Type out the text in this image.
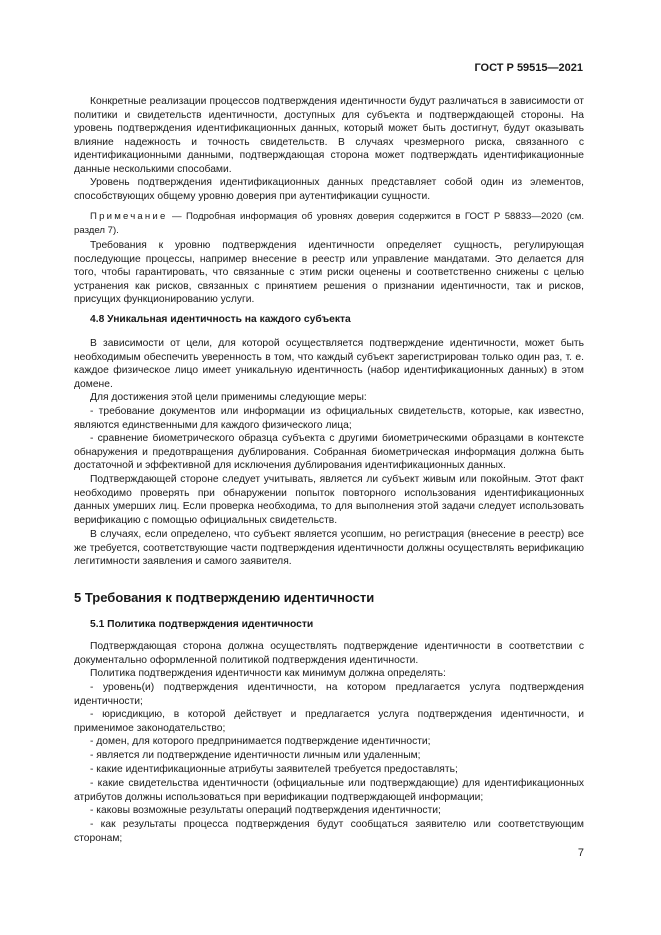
ГОСТ Р 59515—2021

Конкретные реализации процессов подтверждения идентичности будут различаться в зависимости от политики и свидетельств идентичности, доступных для субъекта и подтверждающей стороны. На уровень подтверждения идентификационных данных, который может быть достигнут, будут оказывать влияние надежность и точность свидетельств. В случаях чрезмерного риска, связанного с идентификационными данными, подтверждающая сторона может подтверждать идентификационные данные несколькими способами.

Уровень подтверждения идентификационных данных представляет собой один из элементов, способствующих общему уровню доверия при аутентификации сущности.

Примечание — Подробная информация об уровнях доверия содержится в ГОСТ Р 58833—2020 (см. раздел 7).

Требования к уровню подтверждения идентичности определяет сущность, регулирующая последующие процессы, например внесение в реестр или управление мандатами. Это делается для того, чтобы гарантировать, что связанные с этим риски оценены и соответственно снижены с целью устранения как рисков, связанных с принятием решения о признании идентичности, так и рисков, присущих функционированию услуги.

4.8 Уникальная идентичность на каждого субъекта

В зависимости от цели, для которой осуществляется подтверждение идентичности, может быть необходимым обеспечить уверенность в том, что каждый субъект зарегистрирован только один раз, т. е. каждое физическое лицо имеет уникальную идентичность (набор идентификационных данных) в этом домене.

Для достижения этой цели применимы следующие меры:

- требование документов или информации из официальных свидетельств, которые, как известно, являются единственными для каждого физического лица;

- сравнение биометрического образца субъекта с другими биометрическими образцами в контексте обнаружения и предотвращения дублирования. Собранная биометрическая информация должна быть достаточной и эффективной для исключения дублирования идентификационных данных.

Подтверждающей стороне следует учитывать, является ли субъект живым или покойным. Этот факт необходимо проверять при обнаружении попыток повторного использования идентификационных данных умерших лиц. Если проверка необходима, то для выполнения этой задачи следует использовать верификацию с помощью официальных свидетельств.

В случаях, если определено, что субъект является усопшим, но регистрация (внесение в реестр) все же требуется, соответствующие части подтверждения идентичности должны осуществлять верификацию легитимности заявления и самого заявителя.

5 Требования к подтверждению идентичности

5.1 Политика подтверждения идентичности

Подтверждающая сторона должна осуществлять подтверждение идентичности в соответствии с документально оформленной политикой подтверждения идентичности.

Политика подтверждения идентичности как минимум должна определять:

- уровень(и) подтверждения идентичности, на котором предлагается услуга подтверждения идентичности;

- юрисдикцию, в которой действует и предлагается услуга подтверждения идентичности, и применимое законодательство;

- домен, для которого предпринимается подтверждение идентичности;

- является ли подтверждение идентичности личным или удаленным;

- какие идентификационные атрибуты заявителей требуется предоставлять;

- какие свидетельства идентичности (официальные или подтверждающие) для идентификационных атрибутов должны использоваться при верификации подтверждающей информации;

- каковы возможные результаты операций подтверждения идентичности;

- как результаты процесса подтверждения будут сообщаться заявителю или соответствующим сторонам;

7
